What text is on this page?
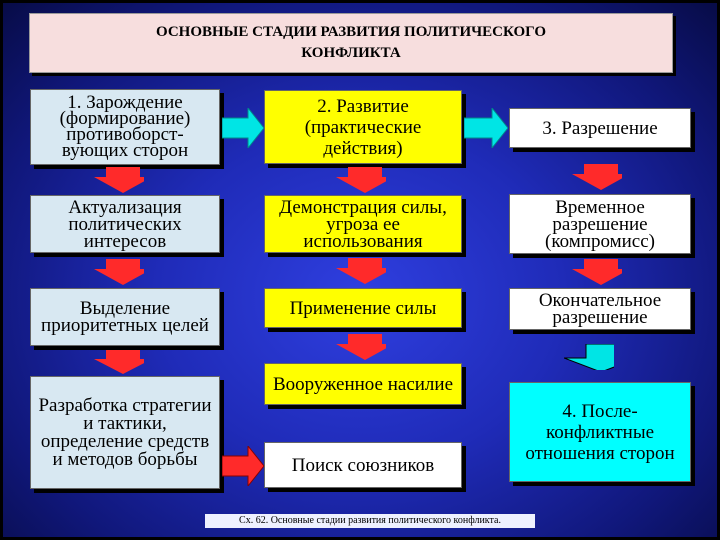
ОСНОВНЫЕ СТАДИИ РАЗВИТИЯ ПОЛИТИЧЕСКОГО
КОНФЛИКТА
1. Зарождение (формирование) противоборст-вующих сторон
Актуализация политических интересов
Выделение приоритетных целей
Разработка стратегии и тактики, определение средств и методов борьбы
2. Развитие (практические действия)
Демонстрация силы, угроза ее использования
Применение силы
Вооруженное насилие
Поиск союзников
3. Разрешение
Временное разрешение (компромисс)
Окончательное разрешение
4. После-конфликтные отношения сторон
Сх. 62. Основные стадии развития политического конфликта.
